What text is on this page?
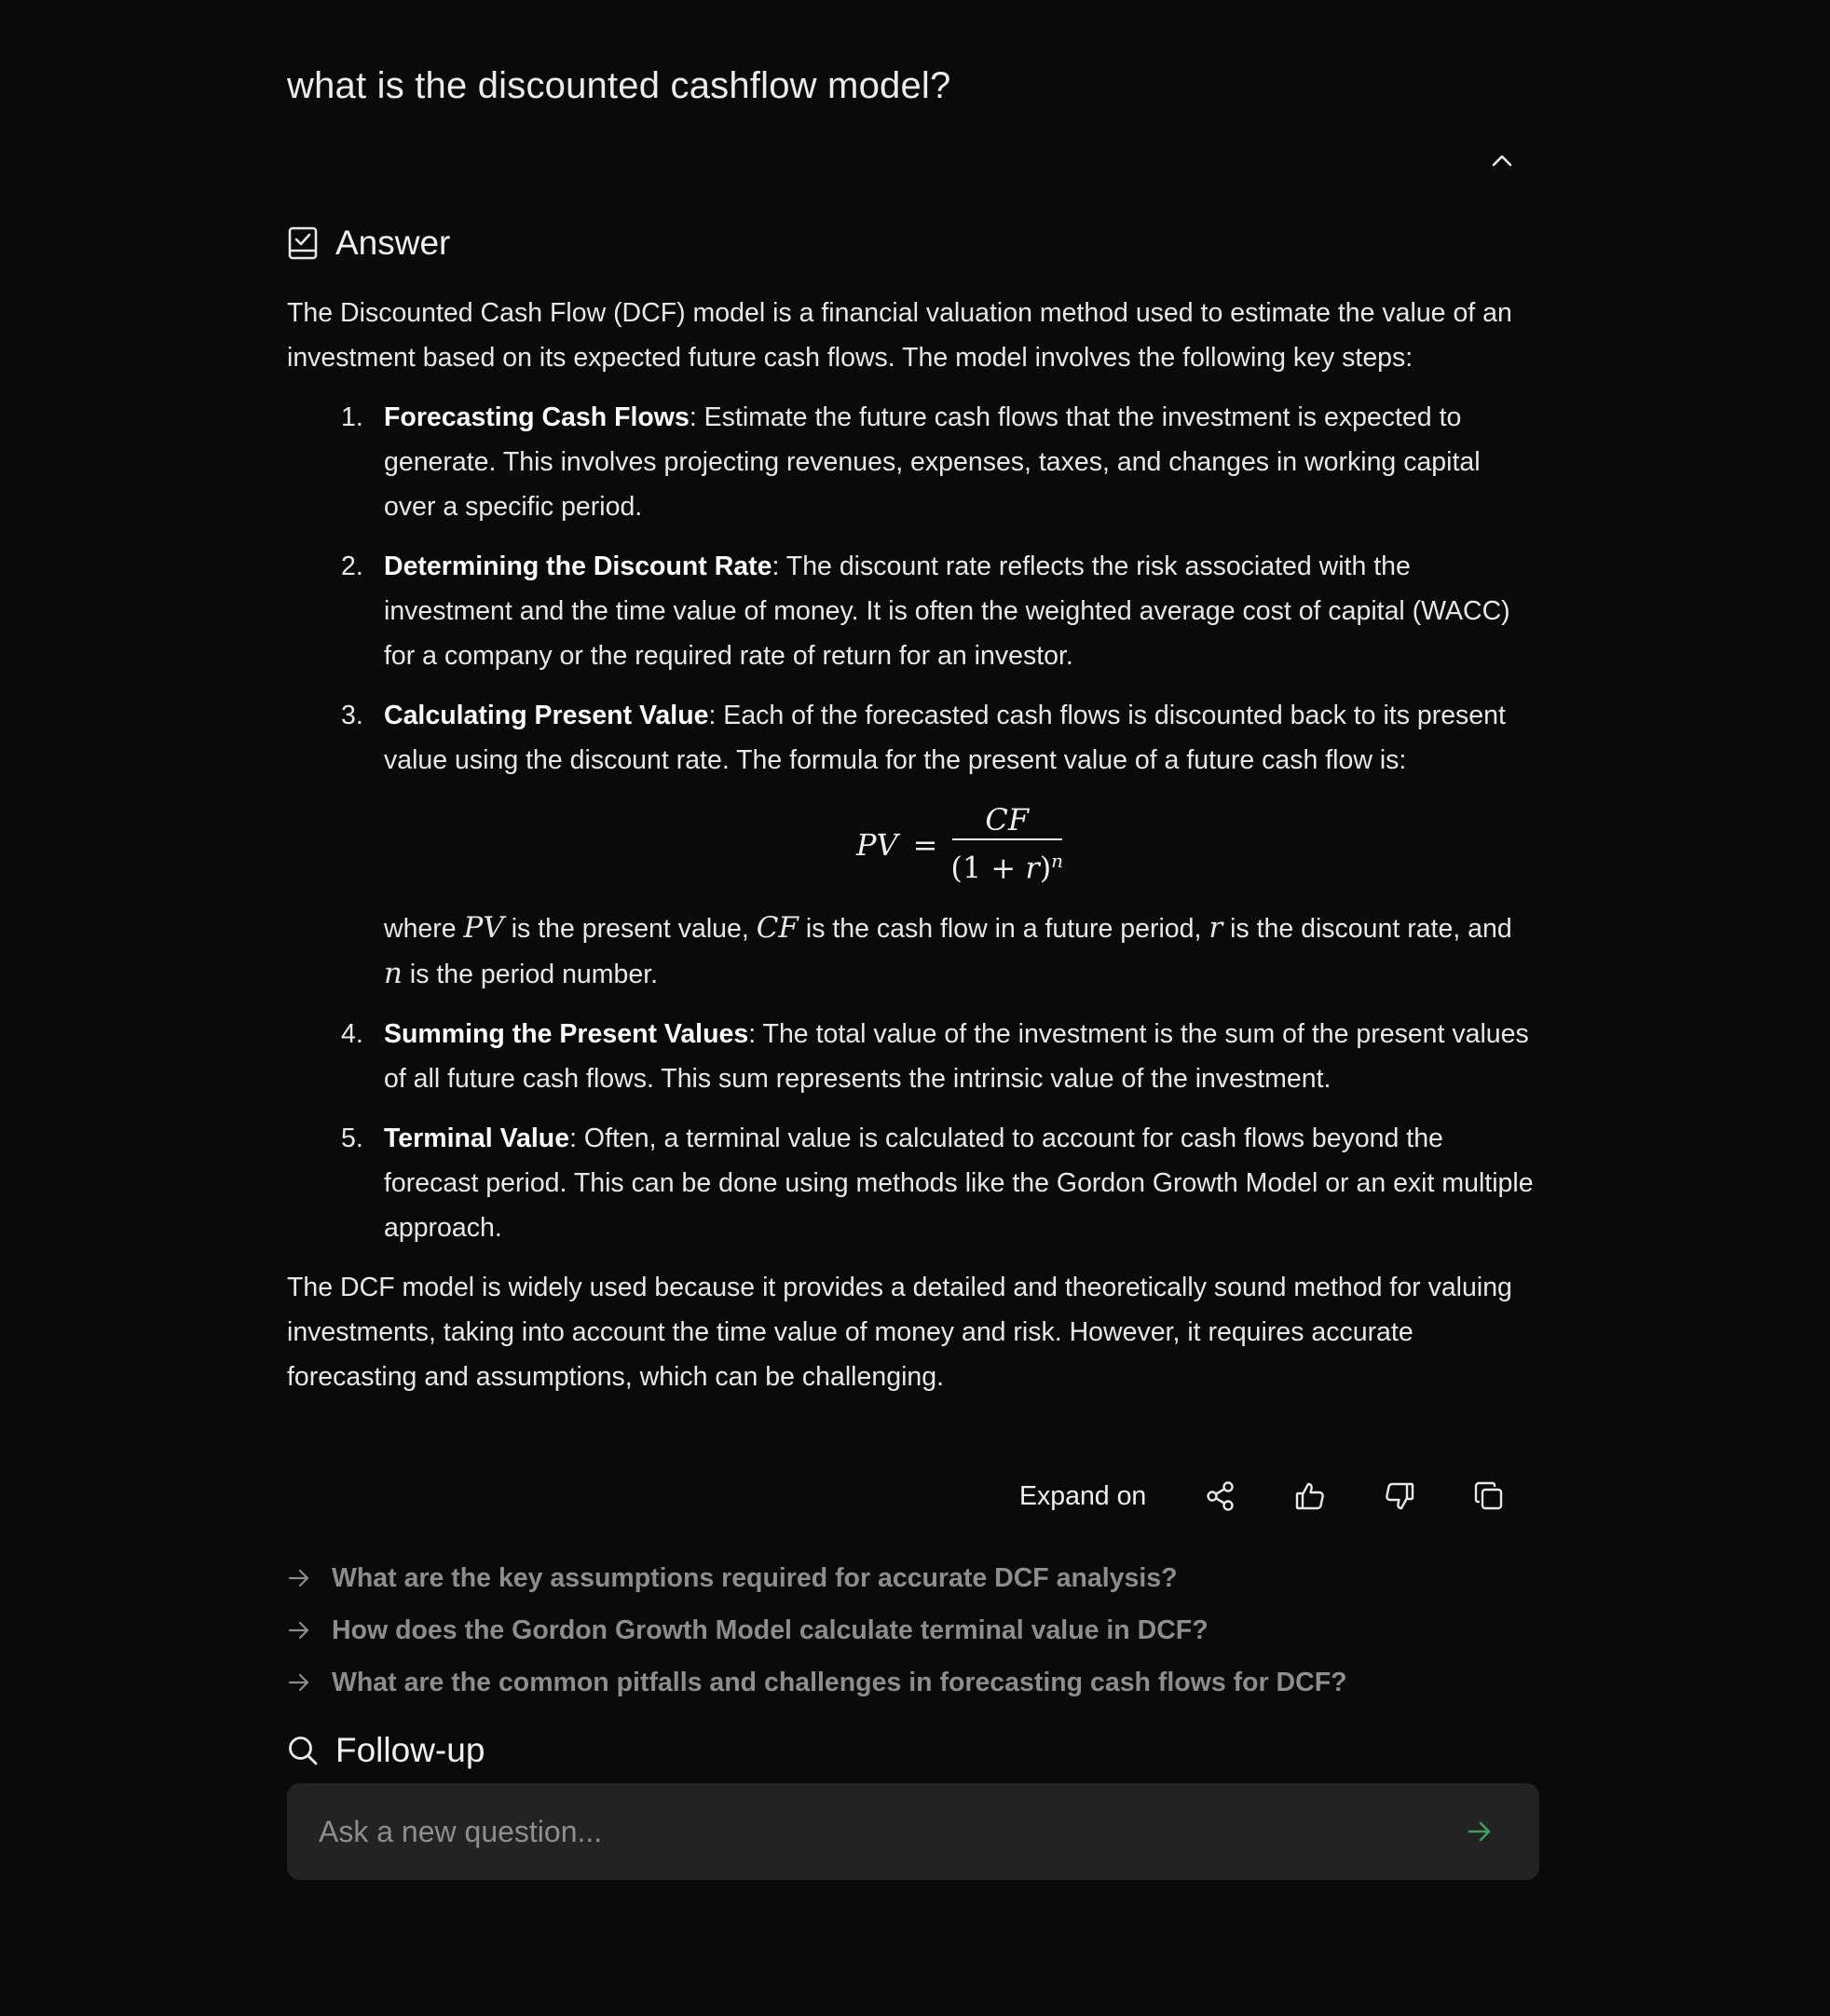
what is the discounted cashflow model?
Answer

The Discounted Cash Flow (DCF) model is a financial valuation method used to estimate the value of an investment based on its expected future cash flows. The model involves the following key steps:

1. Forecasting Cash Flows: Estimate the future cash flows that the investment is expected to generate. This involves projecting revenues, expenses, taxes, and changes in working capital over a specific period.
2. Determining the Discount Rate: The discount rate reflects the risk associated with the investment and the time value of money. It is often the weighted average cost of capital (WACC) for a company or the required rate of return for an investor.
3. Calculating Present Value: Each of the forecasted cash flows is discounted back to its present value using the discount rate. The formula for the present value of a future cash flow is:
PV = $\frac{CF}{(1 + r)^n}$
where PV is the present value, CF is the cash flow in a future period, r is the discount rate, and n is the period number.
4. Summing the Present Values: The total value of the investment is the sum of the present values of all future cash flows. This sum represents the intrinsic value of the investment.
5. Terminal Value: Often, a terminal value is calculated to account for cash flows beyond the forecast period. This can be done using methods like the Gordon Growth Model or an exit multiple approach.

The DCF model is widely used because it provides a detailed and theoretically sound method for valuing investments, taking into account the time value of money and risk. However, it requires accurate forecasting and assumptions, which can be challenging.

Expand on
What are the key assumptions required for accurate DCF analysis?
How does the Gordon Growth Model calculate terminal value in DCF?
What are the common pitfalls and challenges in forecasting cash flows for DCF?
Follow-up
Ask a new question...
